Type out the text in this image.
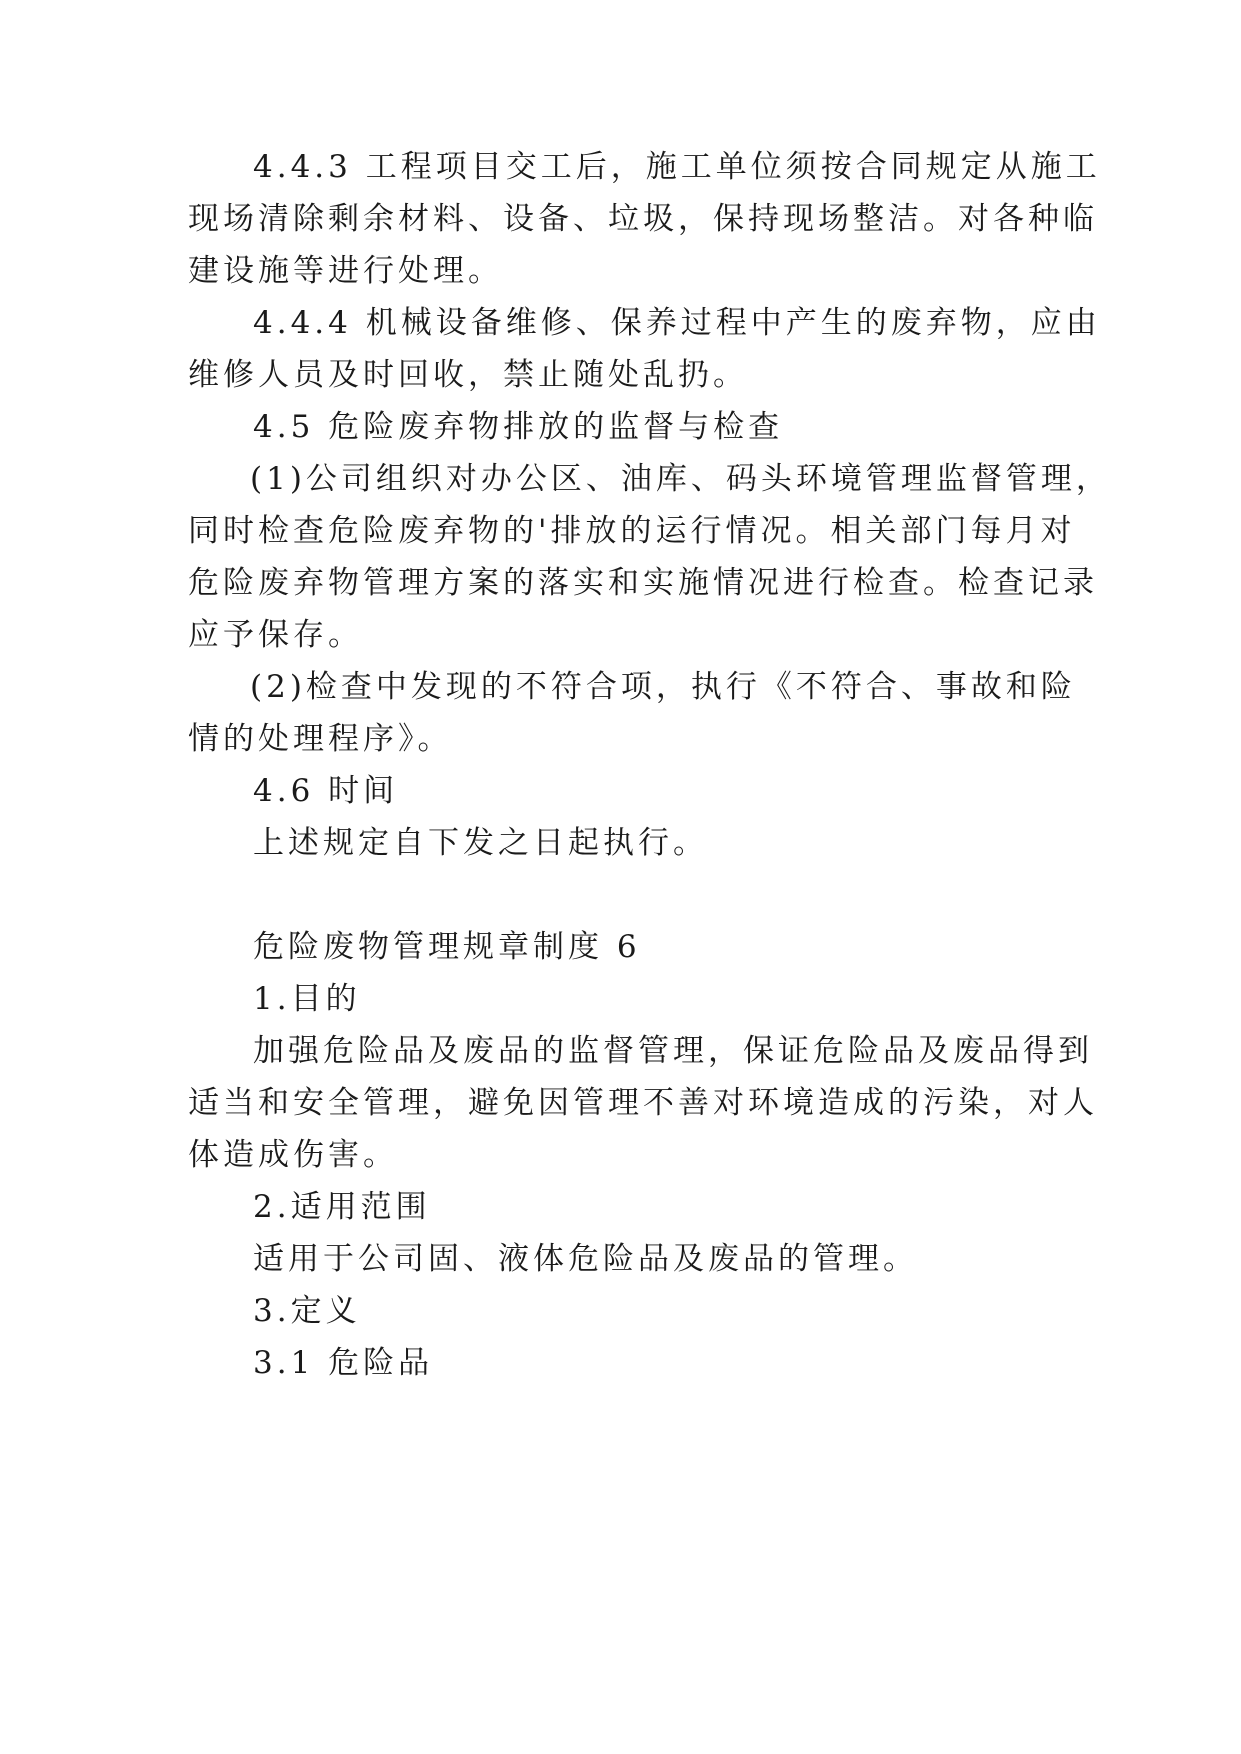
4.4.3 工程项目交工后，施工单位须按合同规定从施工
现场清除剩余材料、设备、垃圾，保持现场整洁。对各种临
建设施等进行处理。
4.4.4 机械设备维修、保养过程中产生的废弃物，应由
维修人员及时回收，禁止随处乱扔。
4.5 危险废弃物排放的监督与检查
(1)公司组织对办公区、油库、码头环境管理监督管理，
同时检查危险废弃物的'排放的运行情况。相关部门每月对
危险废弃物管理方案的落实和实施情况进行检查。检查记录
应予保存。
(2)检查中发现的不符合项，执行《不符合、事故和险
情的处理程序》。
4.6 时间
上述规定自下发之日起执行。
危险废物管理规章制度 6
1.目的
加强危险品及废品的监督管理，保证危险品及废品得到
适当和安全管理，避免因管理不善对环境造成的污染，对人
体造成伤害。
2.适用范围
适用于公司固、液体危险品及废品的管理。
3.定义
3.1 危险品
